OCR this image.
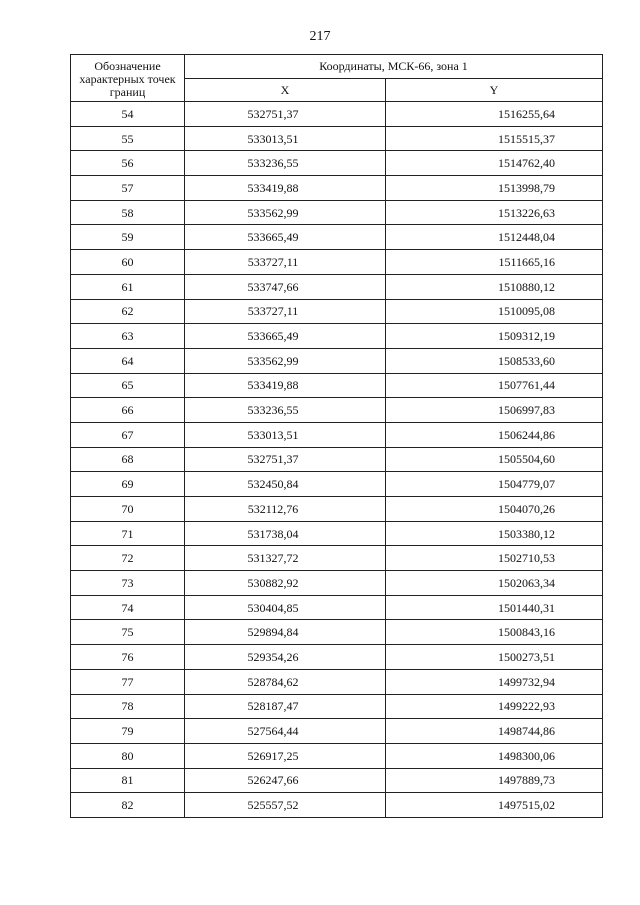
217
Обозначение характерных точек границ	Координаты, МСК-66, зона 1	
	X	Y
54	532751,37	1516255,64
55	533013,51	1515515,37
56	533236,55	1514762,40
57	533419,88	1513998,79
58	533562,99	1513226,63
59	533665,49	1512448,04
60	533727,11	1511665,16
61	533747,66	1510880,12
62	533727,11	1510095,08
63	533665,49	1509312,19
64	533562,99	1508533,60
65	533419,88	1507761,44
66	533236,55	1506997,83
67	533013,51	1506244,86
68	532751,37	1505504,60
69	532450,84	1504779,07
70	532112,76	1504070,26
71	531738,04	1503380,12
72	531327,72	1502710,53
73	530882,92	1502063,34
74	530404,85	1501440,31
75	529894,84	1500843,16
76	529354,26	1500273,51
77	528784,62	1499732,94
78	528187,47	1499222,93
79	527564,44	1498744,86
80	526917,25	1498300,06
81	526247,66	1497889,73
82	525557,52	1497515,02
